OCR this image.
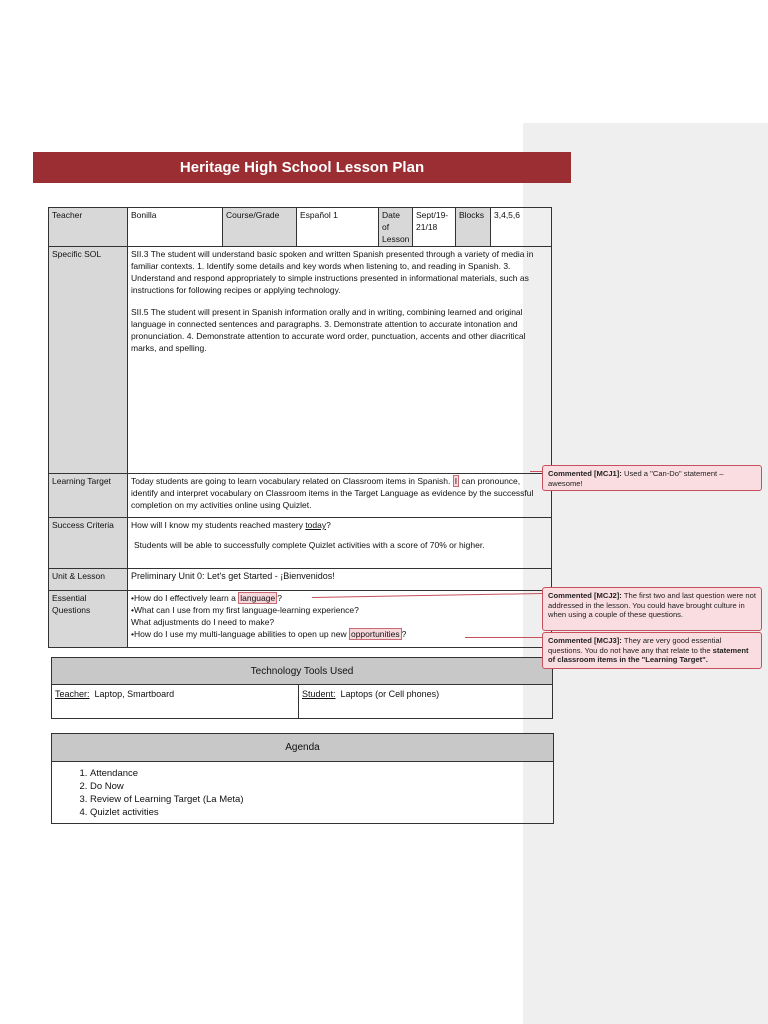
Heritage High School Lesson Plan
Teacher	Bonilla	Course/Grade	Español 1	Date of Lesson	Sept/19-21/18	Blocks	3,4,5,6
Specific SOL	SII.3 The student will understand basic spoken and written Spanish presented through a variety of media in familiar contexts. 1. Identify some details and key words when listening to, and reading in Spanish. 3. Understand and respond appropriately to simple instructions presented in informational materials, such as instructions for following recipes or applying technology.

SII.5 The student will present in Spanish information orally and in writing, combining learned and original language in connected sentences and paragraphs. 3. Demonstrate attention to accurate intonation and pronunciation. 4. Demonstrate attention to accurate word order, punctuation, accents and other diacritical marks, and spelling.						

Learning Target	Today students are going to learn vocabulary related on Classroom items in Spanish. I can pronounce, identify and interpret vocabulary on Classroom items in the Target Language as evidence by the successful completion on my activities online using Quizlet.						
Success Criteria	How will I know my students reached mastery today?
Students will be able to successfully complete Quizlet activities with a score of 70% or higher.						

Unit & Lesson	Preliminary Unit 0: Let's get Started - ¡Bienvenidos!						
Essential Questions	•How do I effectively learn a language ?
•What can I use from my first language-learning experience?
What adjustments do I need to make?
•How do I use my multi-language abilities to open up new opportunities ?						
Technology Tools Used
Teacher: Laptop, Smartboard	Student: Laptops (or Cell phones)
Agenda
1. Attendance
2. Do Now
3. Review of Learning Target (La Meta)
4. Quizlet activities
Commented [MCJ1]: Used a "Can-Do" statement – awesome!
Commented [MCJ2]: The first two and last question were not addressed in the lesson. You could have brought culture in when using a couple of these questions.
Commented [MCJ3]: They are very good essential questions. You do not have any that relate to the statement of classroom items in the "Learning Target".
